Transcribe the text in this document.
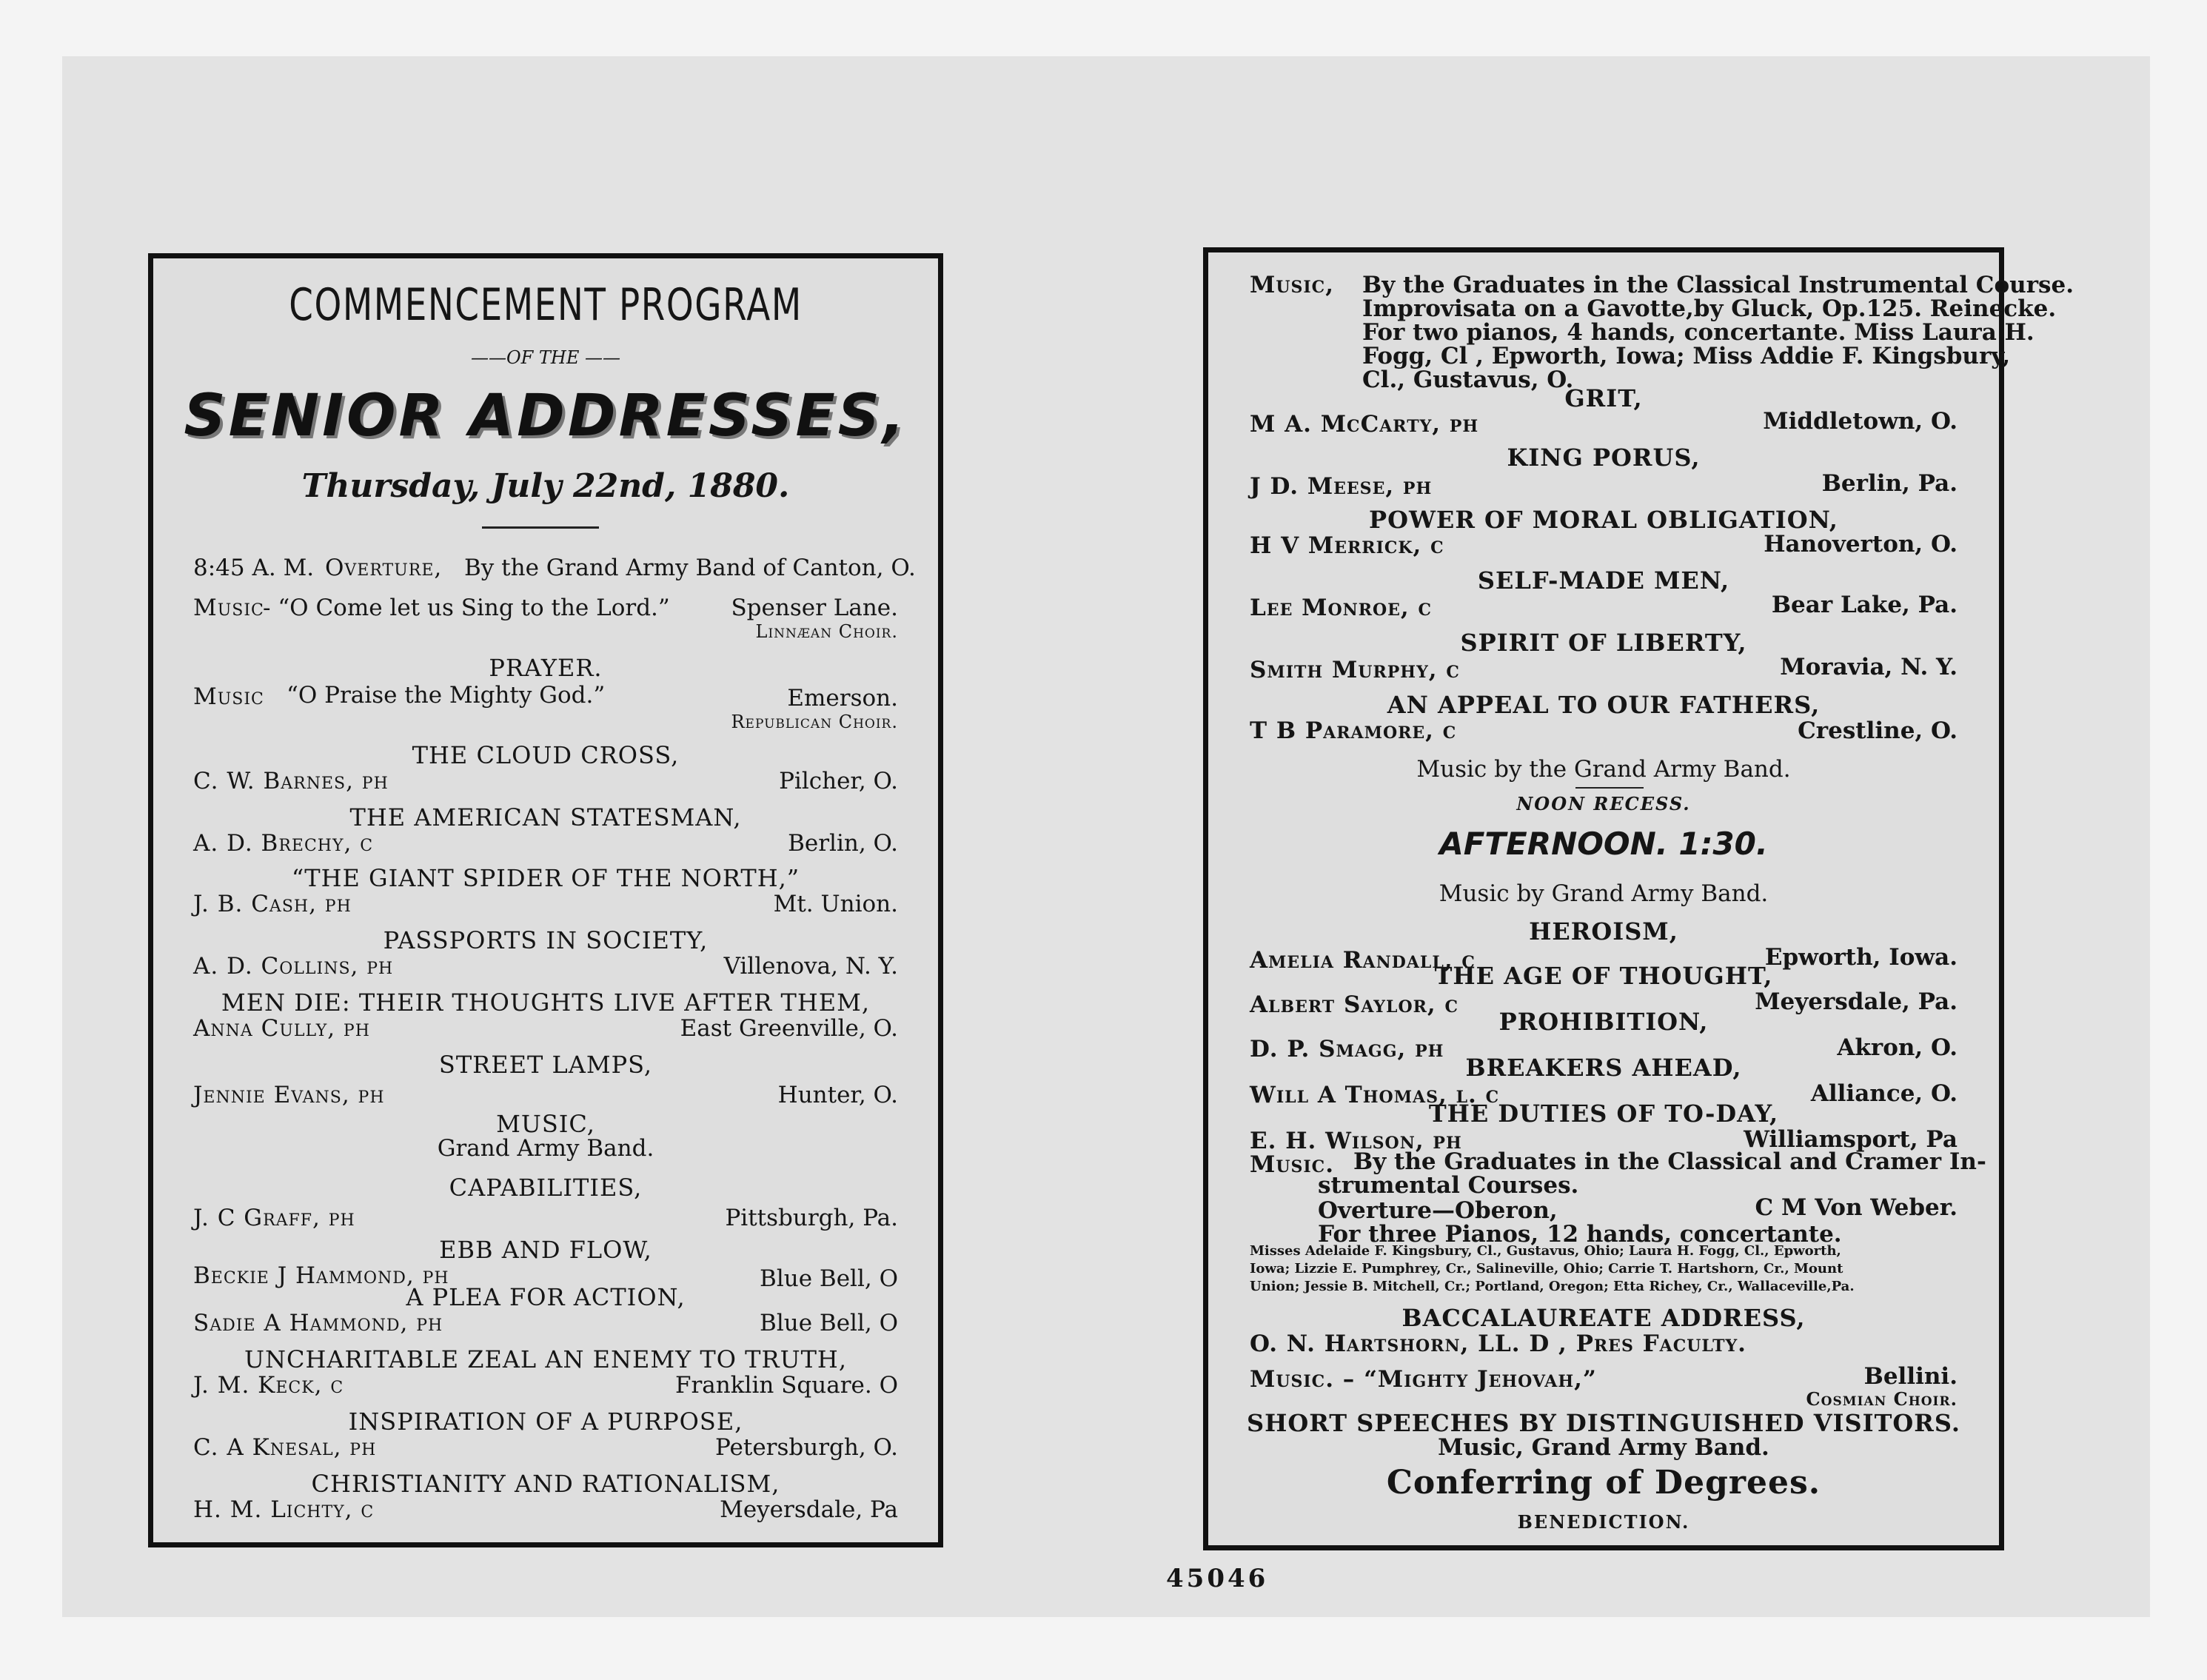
COMMENCEMENT PROGRAM
——OF THE ——
SENIOR ADDRESSES,
Thursday, July 22nd, 1880.
8:45 A. M. Overture, By the Grand Army Band of Canton, O.
Music
- “O Come let us Sing to the Lord.”	Spenser Lane.
Linnæan Choir.
PRAYER.
Music “O Praise the Mighty God.”	Emerson.
Republican Choir.
THE CLOUD CROSS,
C. W. Barnes, ph	Pilcher, O.
THE AMERICAN STATESMAN,
A. D. Brechy, c	Berlin, O.
“THE GIANT SPIDER OF THE NORTH,”
J. B. Cash, ph	Mt. Union.
PASSPORTS IN SOCIETY,
A. D. Collins, ph	Villenova, N. Y.
MEN DIE: THEIR THOUGHTS LIVE AFTER THEM,
Anna Cully, ph	East Greenville, O.
STREET LAMPS,
Jennie Evans, ph	Hunter, O.
MUSIC,
Grand Army Band.
CAPABILITIES,
J. C Graff, ph	Pittsburgh, Pa.
EBB AND FLOW,
Beckie J Hammond, ph	Blue Bell, O
A PLEA FOR ACTION,
Sadie A Hammond, ph	Blue Bell, O
UNCHARITABLE ZEAL AN ENEMY TO TRUTH,
J. M. Keck, c	Franklin Square. O
INSPIRATION OF A PURPOSE,
C. A Knesal, ph	Petersburgh, O.
CHRISTIANITY AND RATIONALISM,
H. M. Lichty, c	Meyersdale, Pa
Music, By the Graduates in the Classical Instrumental Course.
Improvisata on a Gavotte,by Gluck, Op.125. Reinecke.
For two pianos, 4 hands, concertante. Miss Laura H.
Fogg, Cl , Epworth, Iowa; Miss Addie F. Kingsbury,
Cl., Gustavus, O.
GRIT,
M A. McCarty, ph	Middletown, O.
KING PORUS,
J D. Meese, ph	Berlin, Pa.
POWER OF MORAL OBLIGATION,
H V Merrick, c	Hanoverton, O.
SELF-MADE MEN,
Lee Monroe, c	Bear Lake, Pa.
SPIRIT OF LIBERTY,
Smith Murphy, c	Moravia, N. Y.
AN APPEAL TO OUR FATHERS,
T B Paramore, c	Crestline, O.
Music by the Grand Army Band.
NOON RECESS.
AFTERNOON. 1:30.
Music by Grand Army Band.
HEROISM,
Amelia Randall, c	Epworth, Iowa.
THE AGE OF THOUGHT,
Albert Saylor, c	Meyersdale, Pa.
PROHIBITION,
D. P. Smagg, ph	Akron, O.
BREAKERS AHEAD,
Will A Thomas, l. c	Alliance, O.
THE DUTIES OF TO-DAY,
E. H. Wilson, ph	Williamsport, Pa
Music. By the Graduates in the Classical and Cramer In-
strumental Courses.
Overture—Oberon,	C M Von Weber.
For three Pianos, 12 hands, concertante.
Misses Adelaide F. Kingsbury, Cl., Gustavus, Ohio; Laura H. Fogg, Cl., Epworth,
Iowa; Lizzie E. Pumphrey, Cr., Salineville, Ohio; Carrie T. Hartshorn, Cr., Mount
Union; Jessie B. Mitchell, Cr.; Portland, Oregon; Etta Richey, Cr., Wallaceville,Pa.
BACCALAUREATE ADDRESS,
O. N. Hartshorn, LL. D , Pres Faculty.
Music. – “Mighty Jehovah,”	Bellini.
Cosmian Choir.
SHORT SPEECHES BY DISTINGUISHED VISITORS.
Music, Grand Army Band.
Conferring of Degrees.
BENEDICTION.
45046
